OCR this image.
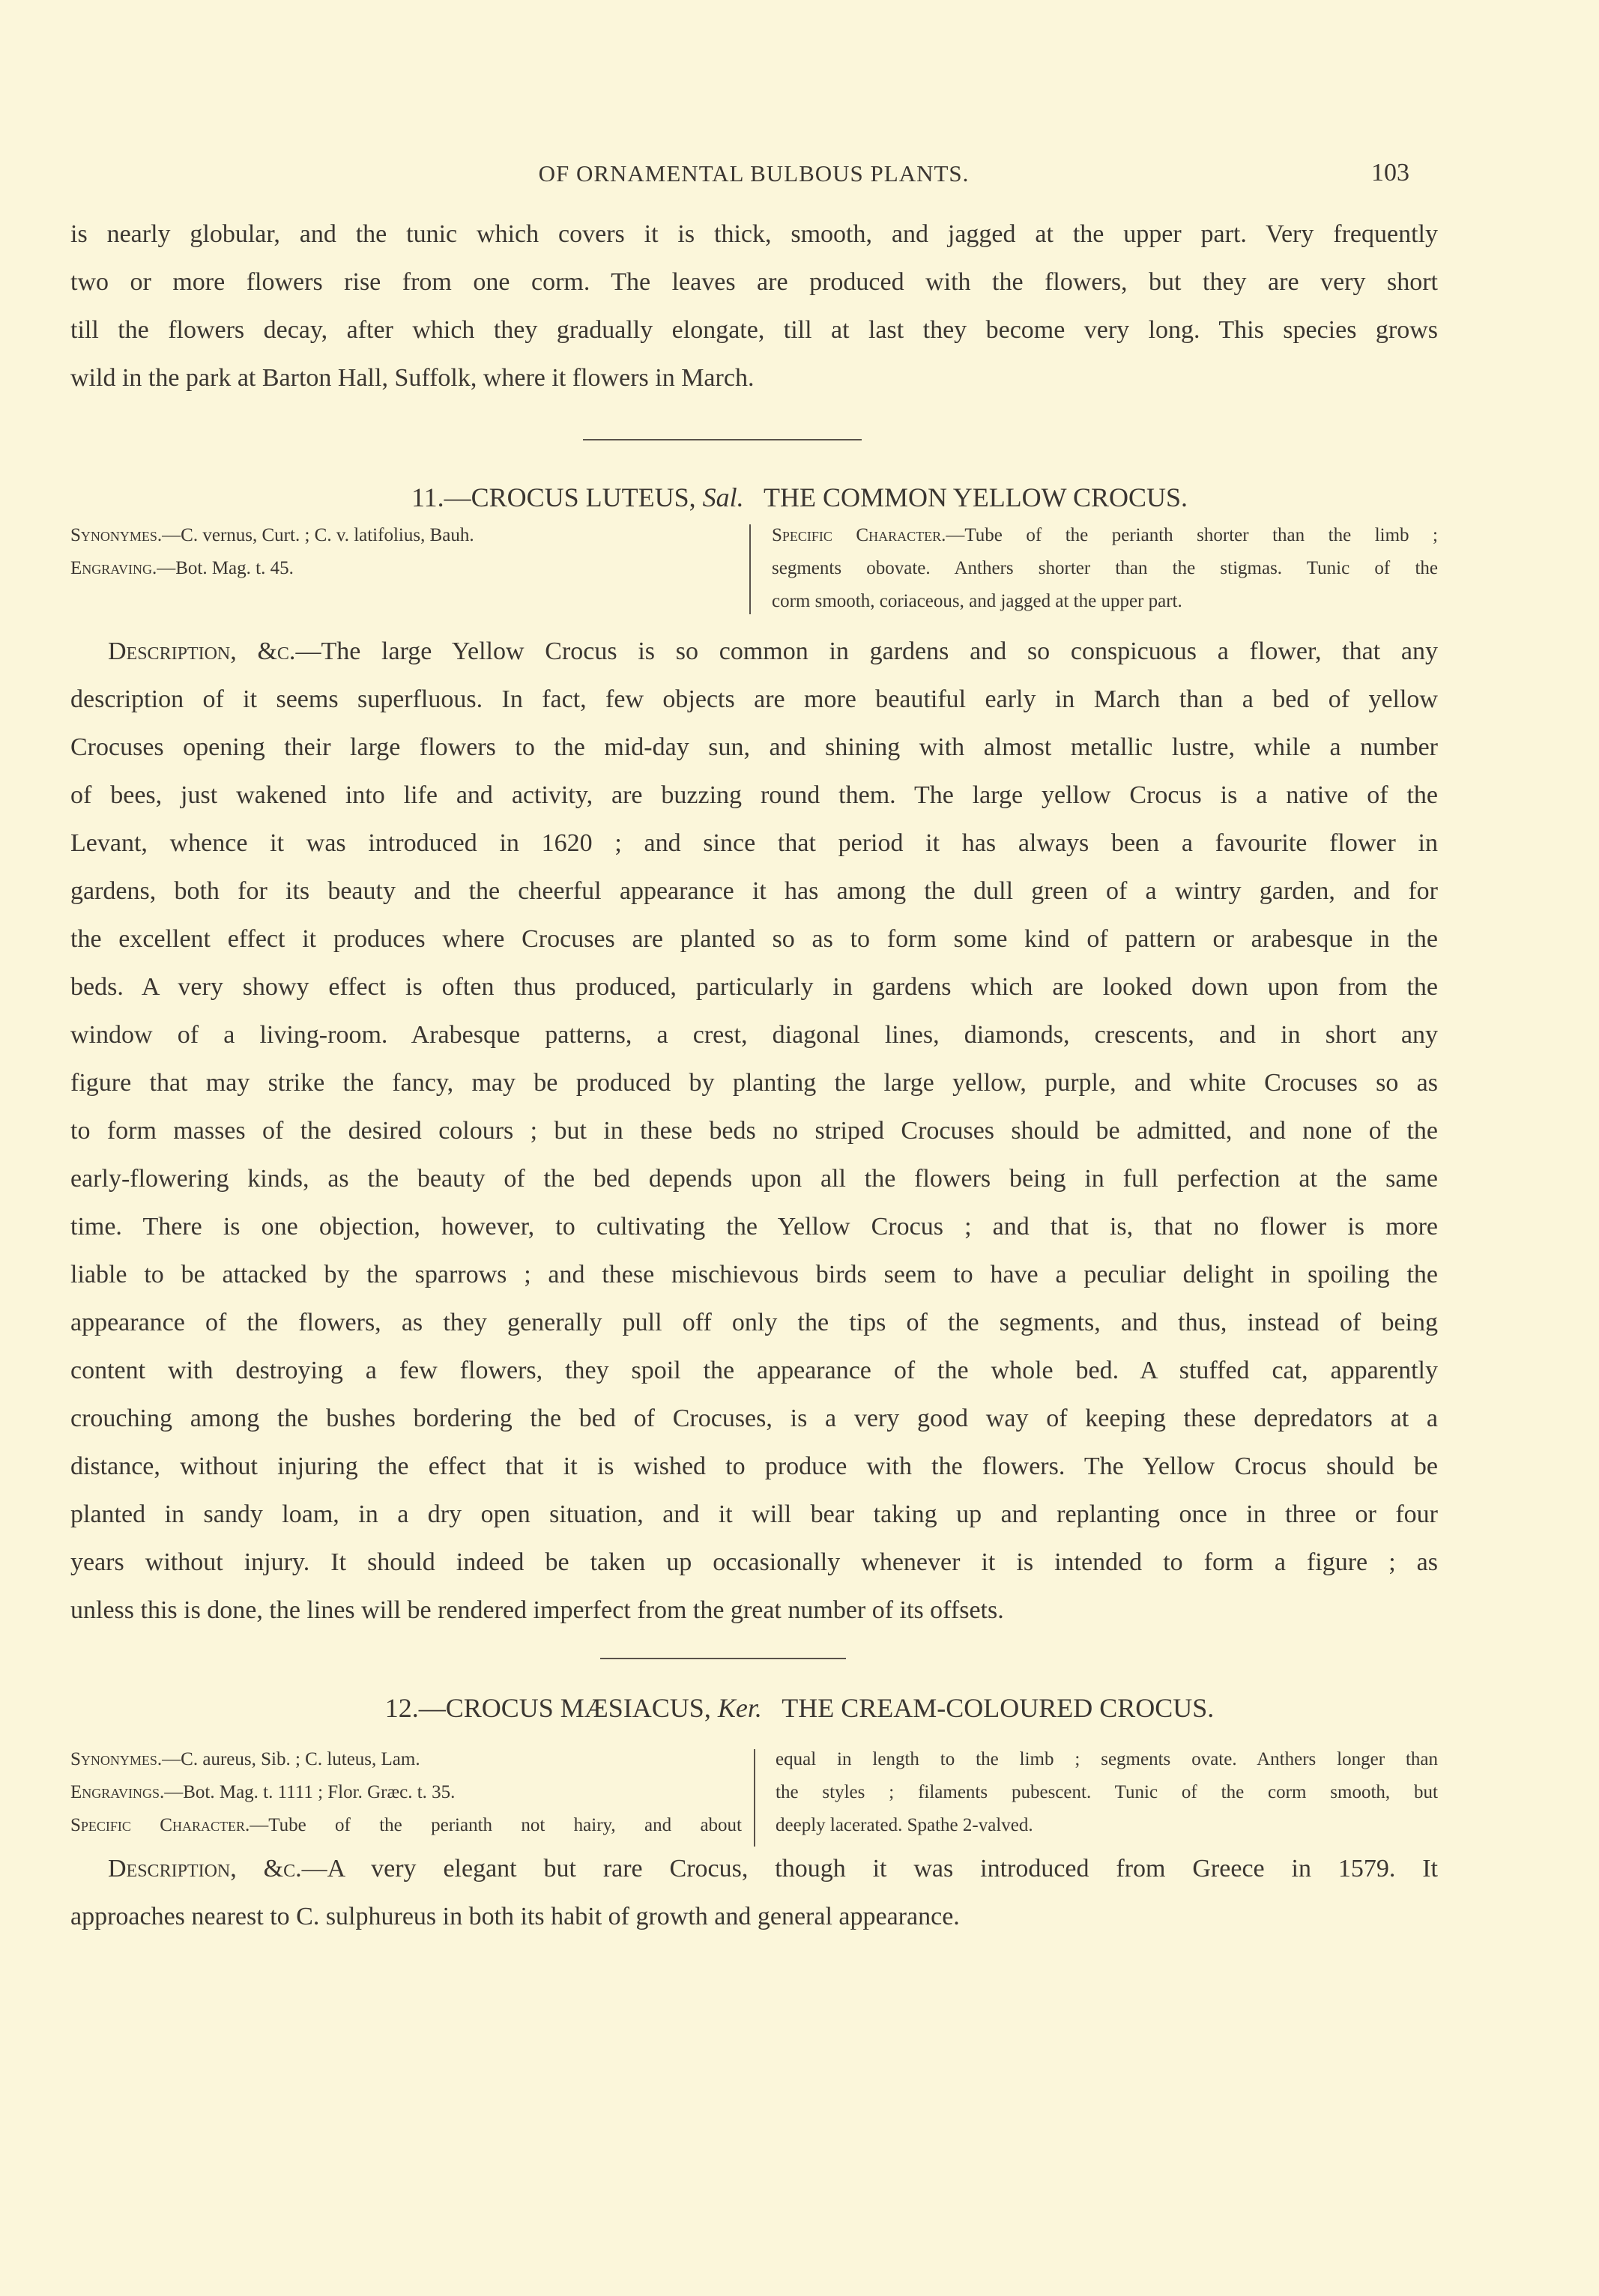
OF ORNAMENTAL BULBOUS PLANTS.	103
is nearly globular, and the tunic which covers it is thick, smooth, and jagged at the upper part. Very frequently
two or more flowers rise from one corm. The leaves are produced with the flowers, but they are very short
till the flowers decay, after which they gradually elongate, till at last they become very long. This species grows
wild in the park at Barton Hall, Suffolk, where it flowers in March.
11.—CROCUS LUTEUS, Sal. THE COMMON YELLOW CROCUS.
Synonymes.—C. vernus, Curt. ; C. v. latifolius, Bauh.
Engraving.—Bot. Mag. t. 45.
Specific Character.—Tube of the perianth shorter than the limb ;
segments obovate. Anthers shorter than the stigmas. Tunic of the
corm smooth, coriaceous, and jagged at the upper part.
Description, &c.—The large Yellow Crocus is so common in gardens and so conspicuous a flower, that any
description of it seems superfluous. In fact, few objects are more beautiful early in March than a bed of yellow
Crocuses opening their large flowers to the mid-day sun, and shining with almost metallic lustre, while a number
of bees, just wakened into life and activity, are buzzing round them. The large yellow Crocus is a native of the
Levant, whence it was introduced in 1620 ; and since that period it has always been a favourite flower in
gardens, both for its beauty and the cheerful appearance it has among the dull green of a wintry garden, and for
the excellent effect it produces where Crocuses are planted so as to form some kind of pattern or arabesque in the
beds. A very showy effect is often thus produced, particularly in gardens which are looked down upon from the
window of a living-room. Arabesque patterns, a crest, diagonal lines, diamonds, crescents, and in short any
figure that may strike the fancy, may be produced by planting the large yellow, purple, and white Crocuses so as
to form masses of the desired colours ; but in these beds no striped Crocuses should be admitted, and none of the
early-flowering kinds, as the beauty of the bed depends upon all the flowers being in full perfection at the same
time. There is one objection, however, to cultivating the Yellow Crocus ; and that is, that no flower is more
liable to be attacked by the sparrows ; and these mischievous birds seem to have a peculiar delight in spoiling the
appearance of the flowers, as they generally pull off only the tips of the segments, and thus, instead of being
content with destroying a few flowers, they spoil the appearance of the whole bed. A stuffed cat, apparently
crouching among the bushes bordering the bed of Crocuses, is a very good way of keeping these depredators at a
distance, without injuring the effect that it is wished to produce with the flowers. The Yellow Crocus should be
planted in sandy loam, in a dry open situation, and it will bear taking up and replanting once in three or four
years without injury. It should indeed be taken up occasionally whenever it is intended to form a figure ; as
unless this is done, the lines will be rendered imperfect from the great number of its offsets.
12.—CROCUS MÆSIACUS, Ker. THE CREAM-COLOURED CROCUS.
Synonymes.—C. aureus, Sib. ; C. luteus, Lam.
Engravings.—Bot. Mag. t. 1111 ; Flor. Græc. t. 35.
Specific Character.—Tube of the perianth not hairy, and about
equal in length to the limb ; segments ovate. Anthers longer than
the styles ; filaments pubescent. Tunic of the corm smooth, but
deeply lacerated. Spathe 2-valved.
Description, &c.—A very elegant but rare Crocus, though it was introduced from Greece in 1579. It
approaches nearest to C. sulphureus in both its habit of growth and general appearance.
